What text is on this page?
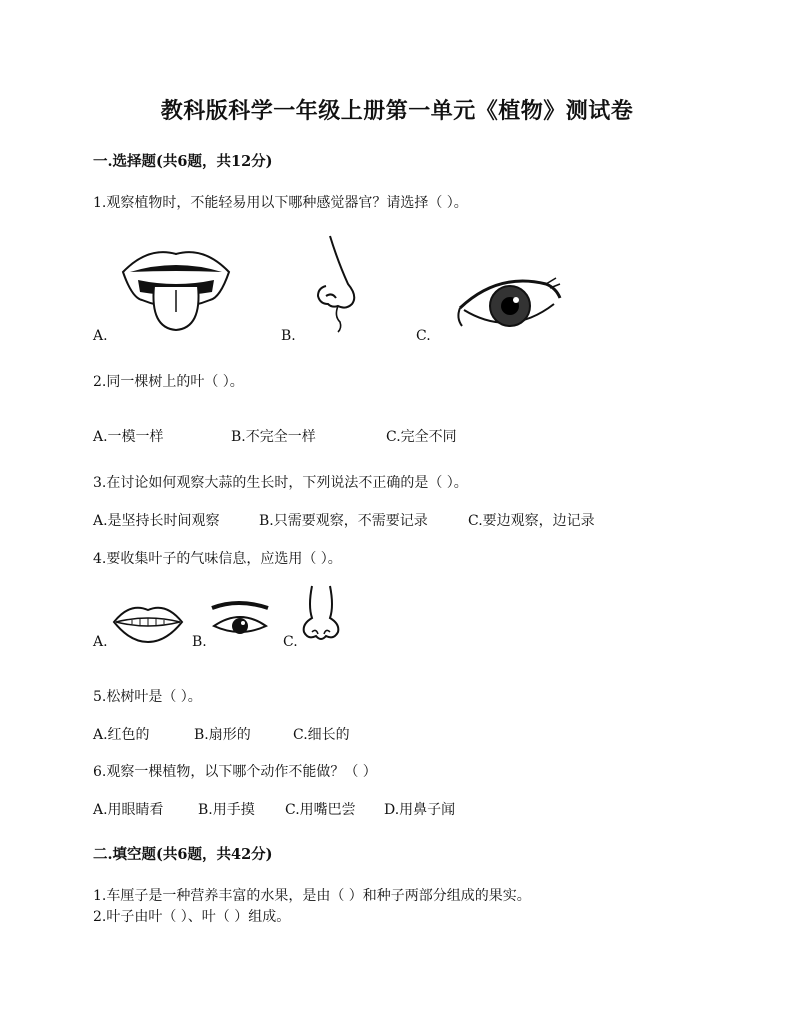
教科版科学一年级上册第一单元《植物》测试卷
一.选择题(共6题，共12分)
1.观察植物时，不能轻易用以下哪种感觉器官？请选择（ ）。
A.	B.	C.
2.同一棵树上的叶（ ）。
A.一模一样	B.不完全一样	C.完全不同
3.在讨论如何观察大蒜的生长时，下列说法不正确的是（ ）。
A.是坚持长时间观察	B.只需要观察，不需要记录	C.要边观察，边记录
4.要收集叶子的气味信息，应选用（ ）。
A.	B.	C.
5.松树叶是（ ）。
A.红色的	B.扇形的	C.细长的
6.观察一棵植物，以下哪个动作不能做？（ ）
A.用眼睛看 B.用手摸 C.用嘴巴尝 D.用鼻子闻
二.填空题(共6题，共42分)
1.车厘子是一种营养丰富的水果，是由（ ）和种子两部分组成的果实。
2.叶子由叶（ ）、叶（ ）组成。
